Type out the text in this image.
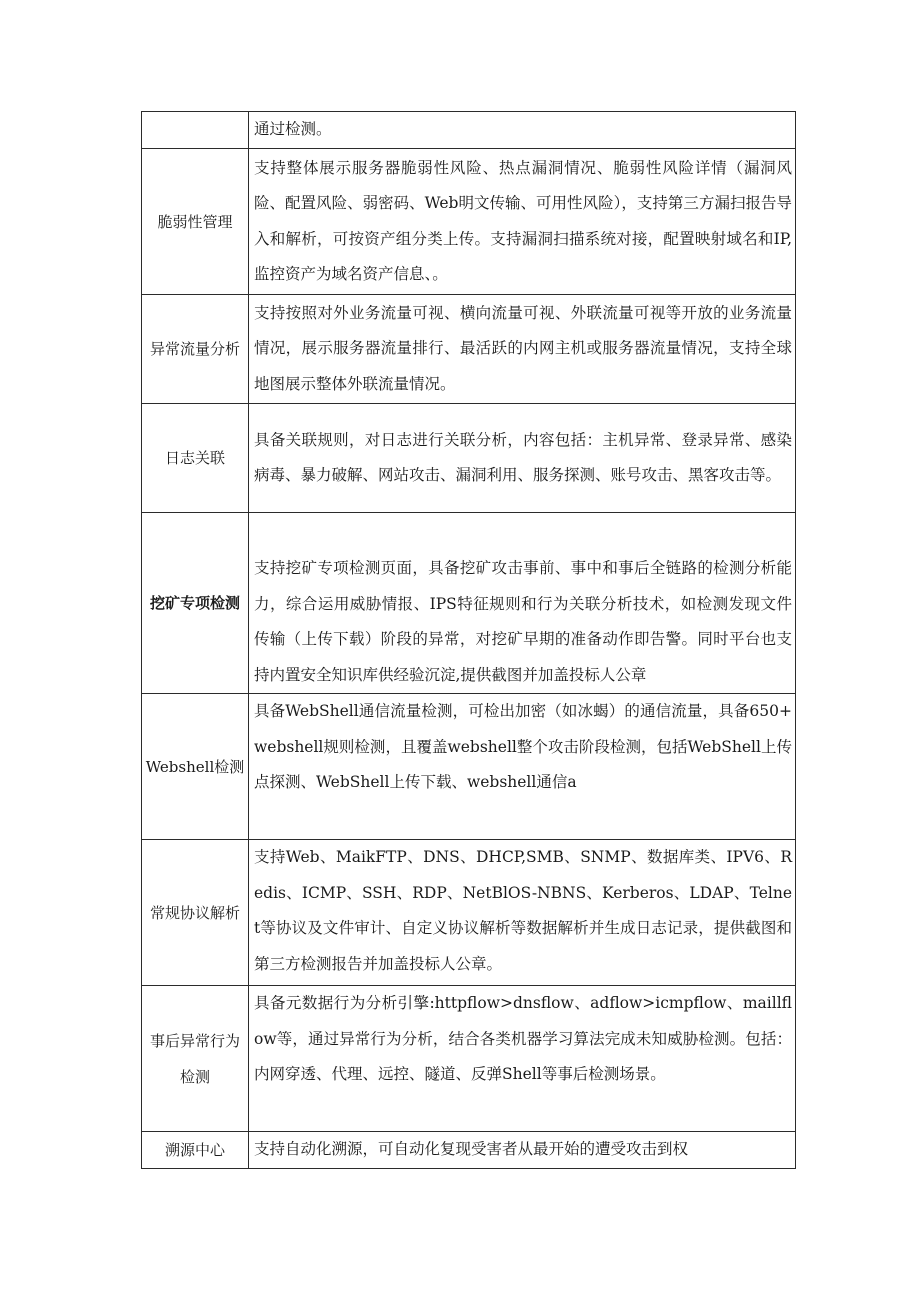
	通过检测。
脆弱性管理	支持整体展示服务器脆弱性风险、热点漏洞情况、脆弱性风险详情（漏洞风险、配置风险、弱密码、Web明文传输、可用性风险），支持第三方漏扫报告导入和解析，可按资产组分类上传。支持漏洞扫描系统对接，配置映射域名和IP,监控资产为域名资产信息、。
异常流量分析	支持按照对外业务流量可视、横向流量可视、外联流量可视等开放的业务流量情况，展示服务器流量排行、最活跃的内网主机或服务器流量情况，支持全球地图展示整体外联流量情况。
日志关联	具备关联规则，对日志进行关联分析，内容包括：主机异常、登录异常、感染病毒、暴力破解、网站攻击、漏洞利用、服务探测、账号攻击、黑客攻击等。
挖矿专项检测	支持挖矿专项检测页面，具备挖矿攻击事前、事中和事后全链路的检测分析能力，综合运用威胁情报、IPS特征规则和行为关联分析技术，如检测发现文件传输（上传下载）阶段的异常，对挖矿早期的准备动作即告警。同时平台也支持内置安全知识库供经验沉淀,提供截图并加盖投标人公章
Webshell检测	具备WebShell通信流量检测，可检出加密（如冰蝎）的通信流量，具备650+webshell规则检测，且覆盖webshell整个攻击阶段检测，包括WebShell上传点探测、WebShell上传下载、webshell通信a
常规协议解析	支持Web、MaikFTP、DNS、DHCP,SMB、SNMP、数据库类、IPV6、Redis、ICMP、SSH、RDP、NetBlOS-NBNS、Kerberos、LDAP、Telnet等协议及文件审计、自定义协议解析等数据解析并生成日志记录，提供截图和第三方检测报告并加盖投标人公章。
事后异常行为检测	具备元数据行为分析引擎:httpflow>dnsflow、adflow>icmpflow、maillflow等，通过异常行为分析，结合各类机器学习算法完成未知威胁检测。包括：内网穿透、代理、远控、隧道、反弹Shell等事后检测场景。
溯源中心	支持自动化溯源，可自动化复现受害者从最开始的遭受攻击到权
